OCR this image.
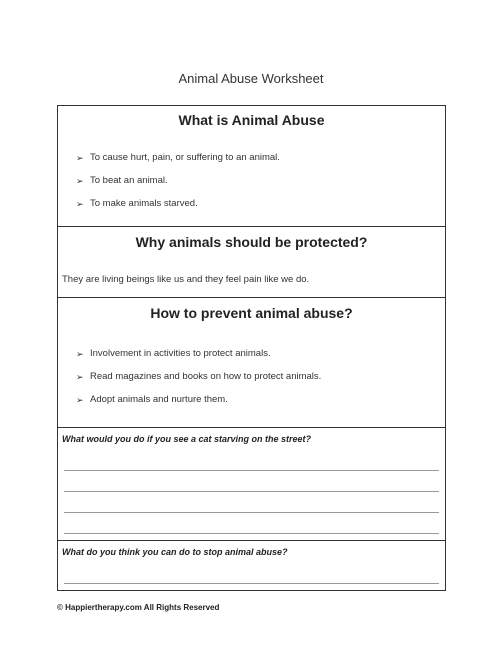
Animal Abuse Worksheet
What is Animal Abuse
➢ To cause hurt, pain, or suffering to an animal.
➢ To beat an animal.
➢ To make animals starved.
Why animals should be protected?
They are living beings like us and they feel pain like we do.
How to prevent animal abuse?
➢ Involvement in activities to protect animals.
➢ Read magazines and books on how to protect animals.
➢ Adopt animals and nurture them.
What would you do if you see a cat starving on the street?
What do you think you can do to stop animal abuse?
© Happiertherapy.com All Rights Reserved
